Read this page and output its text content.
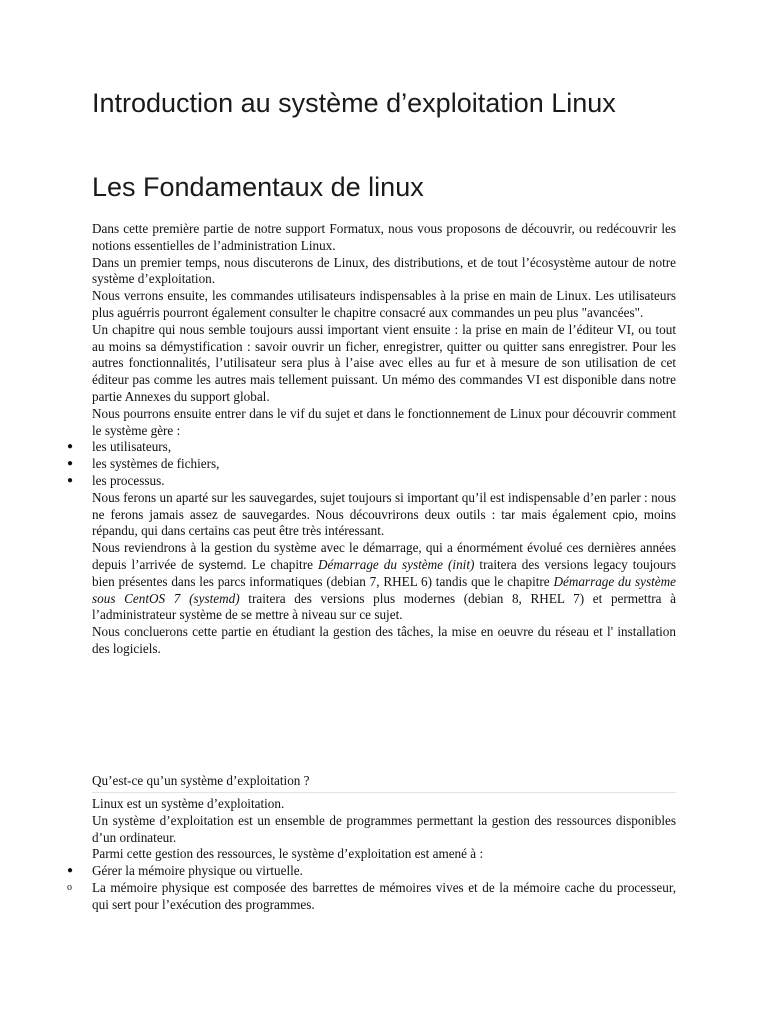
Introduction au système d’exploitation Linux
Les Fondamentaux de linux

Dans cette première partie de notre support Formatux, nous vous proposons de découvrir, ou redécouvrir les notions essentielles de l’administration Linux.

Dans un premier temps, nous discuterons de Linux, des distributions, et de tout l’écosystème autour de notre système d’exploitation.

Nous verrons ensuite, les commandes utilisateurs indispensables à la prise en main de Linux. Les utilisateurs plus aguérris pourront également consulter le chapitre consacré aux commandes un peu plus "avancées".

Un chapitre qui nous semble toujours aussi important vient ensuite : la prise en main de l’éditeur VI, ou tout au moins sa démystification : savoir ouvrir un ficher, enregistrer, quitter ou quitter sans enregistrer. Pour les autres fonctionnalités, l’utilisateur sera plus à l’aise avec elles au fur et à mesure de son utilisation de cet éditeur pas comme les autres mais tellement puissant. Un mémo des commandes VI est disponible dans notre partie Annexes du support global.

Nous pourrons ensuite entrer dans le vif du sujet et dans le fonctionnement de Linux pour découvrir comment le système gère :

● les utilisateurs,
● les systèmes de fichiers,
● les processus.

Nous ferons un aparté sur les sauvegardes, sujet toujours si important qu’il est indispensable d’en parler : nous ne ferons jamais assez de sauvegardes. Nous découvrirons deux outils : tar mais également cpio, moins répandu, qui dans certains cas peut être très intéressant.

Nous reviendrons à la gestion du système avec le démarrage, qui a énormément évolué ces dernières années depuis l’arrivée de systemd. Le chapitre Démarrage du système (init) traitera des versions legacy toujours bien présentes dans les parcs informatiques (debian 7, RHEL 6) tandis que le chapitre Démarrage du système sous CentOS 7 (systemd) traitera des versions plus modernes (debian 8, RHEL 7) et permettra à l’administrateur système de se mettre à niveau sur ce sujet.

Nous concluerons cette partie en étudiant la gestion des tâches, la mise en oeuvre du réseau et l' installation des logiciels.

Qu’est-ce qu’un système d’exploitation ?

Linux est un système d’exploitation.

Un système d’exploitation est un ensemble de programmes permettant la gestion des ressources disponibles d’un ordinateur.

Parmi cette gestion des ressources, le système d’exploitation est amené à :

● Gérer la mémoire physique ou virtuelle.
o La mémoire physique est composée des barrettes de mémoires vives et de la mémoire cache du processeur, qui sert pour l’exécution des programmes.
